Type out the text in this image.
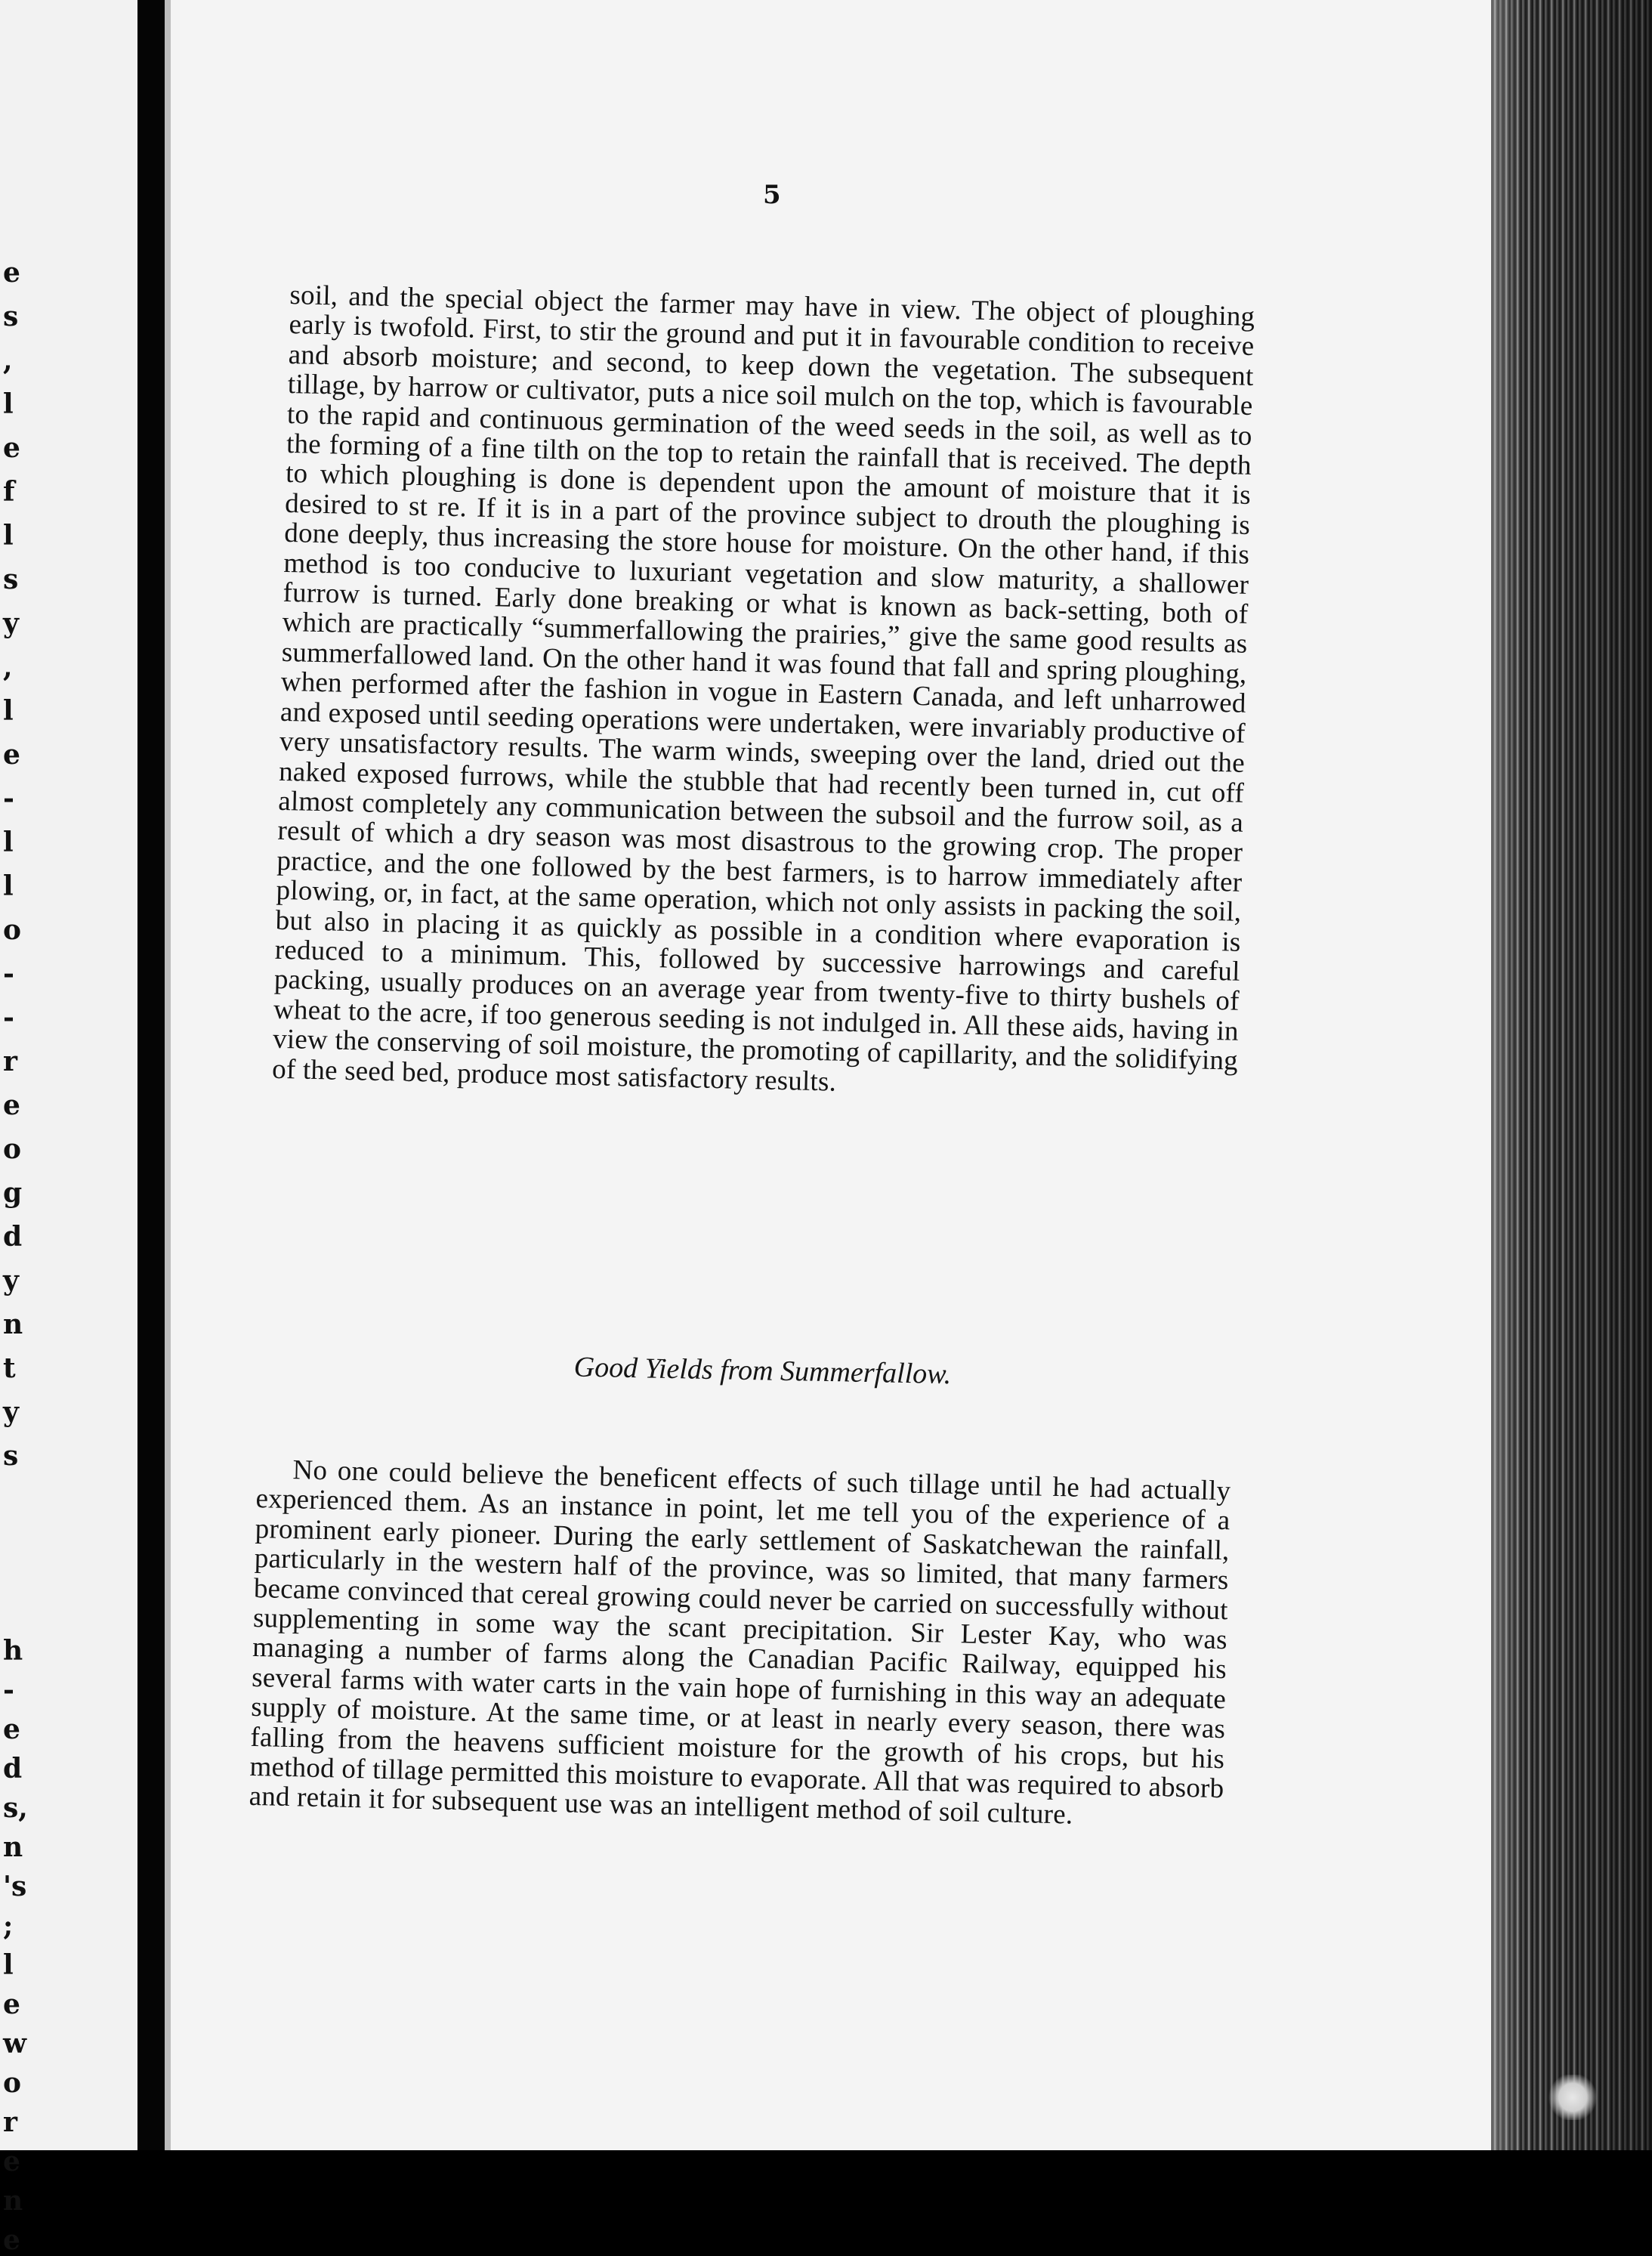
e
s
,
l
e
f
l
s
y
,
l
e
-
l
l
o
-
-
r
e
o
g
d
y
n
t
y
s
h
-
e
d
s,
n
's
;
l
e
w
o
r
e
n
e
5

soil, and the special object the farmer may have in view. The object of ploughing early is twofold. First, to stir the ground and put it in favourable condition to receive and absorb moisture; and second, to keep down the vegetation. The subsequent tillage, by harrow or cultivator, puts a nice soil mulch on the top, which is favourable to the rapid and continuous germination of the weed seeds in the soil, as well as to the forming of a fine tilth on the top to retain the rainfall that is received. The depth to which ploughing is done is dependent upon the amount of moisture that it is desired to st re. If it is in a part of the province subject to drouth the ploughing is done deeply, thus increasing the store house for moisture. On the other hand, if this method is too conducive to luxuriant vegetation and slow maturity, a shallower furrow is turned. Early done breaking or what is known as back-setting, both of which are practically “summerfallowing the prairies,” give the same good results as summerfallowed land. On the other hand it was found that fall and spring ploughing, when performed after the fashion in vogue in Eastern Canada, and left unharrowed and exposed until seeding operations were undertaken, were invariably productive of very unsatisfactory results. The warm winds, sweeping over the land, dried out the naked exposed furrows, while the stubble that had recently been turned in, cut off almost completely any communication between the subsoil and the furrow soil, as a result of which a dry season was most disastrous to the growing crop. The proper practice, and the one followed by the best farmers, is to harrow immediately after plowing, or, in fact, at the same operation, which not only assists in packing the soil, but also in placing it as quickly as possible in a condition where evaporation is reduced to a minimum. This, followed by successive harrowings and careful packing, usually produces on an average year from twenty-five to thirty bushels of wheat to the acre, if too generous seeding is not indulged in. All these aids, having in view the conserving of soil moisture, the promoting of capillarity, and the solidifying of the seed bed, produce most satisfactory results.

Good Yields from Summerfallow.

No one could believe the beneficent effects of such tillage until he had actually experienced them. As an instance in point, let me tell you of the experience of a prominent early pioneer. During the early settlement of Saskatchewan the rainfall, particularly in the western half of the province, was so limited, that many farmers became convinced that cereal growing could never be carried on successfully without supplementing in some way the scant precipitation. Sir Lester Kay, who was managing a number of farms along the Canadian Pacific Railway, equipped his several farms with water carts in the vain hope of furnishing in this way an adequate supply of moisture. At the same time, or at least in nearly every season, there was falling from the heavens sufficient moisture for the growth of his crops, but his method of tillage permitted this moisture to evaporate. All that was required to absorb and retain it for subsequent use was an intelligent method of soil culture.
